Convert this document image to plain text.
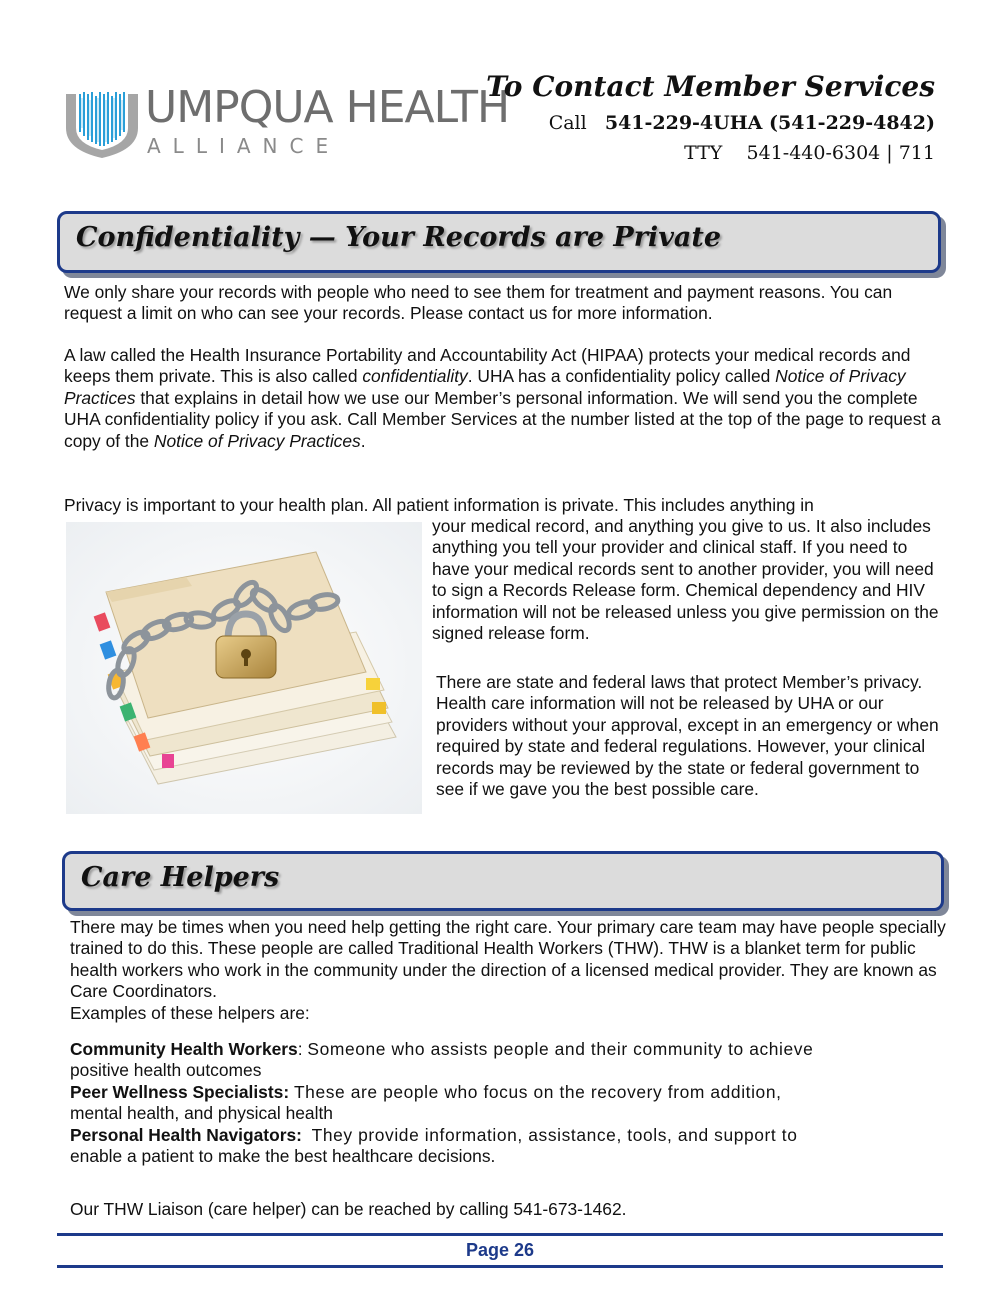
UMPQUA HEALTH
ALLIANCE
To Contact Member Services
Call 541-229-4UHA (541-229-4842)
TTY 541-440-6304 | 711
Confidentiality — Your Records are Private
We only share your records with people who need to see them for treatment and payment reasons. You can request a limit on who can see your records. Please contact us for more information.
A law called the Health Insurance Portability and Accountability Act (HIPAA) protects your medical records and keeps them private. This is also called confidentiality. UHA has a confidentiality policy called Notice of Privacy Practices that explains in detail how we use our Member’s personal information. We will send you the complete UHA confidentiality policy if you ask. Call Member Services at the number listed at the top of the page to request a copy of the Notice of Privacy Practices.
Privacy is important to your health plan. All patient information is private. This includes anything in
your medical record, and anything you give to us. It also includes anything you tell your provider and clinical staff. If you need to have your medical records sent to another provider, you will need to sign a Records Release form. Chemical dependency and HIV information will not be released unless you give permission on the signed release form.
There are state and federal laws that protect Member’s privacy. Health care information will not be released by UHA or our providers without your approval, except in an emergency or when required by state and federal regulations. However, your clinical records may be reviewed by the state or federal government to see if we gave you the best possible care.
Care Helpers
There may be times when you need help getting the right care. Your primary care team may have people specially trained to do this. These people are called Traditional Health Workers (THW). THW is a blanket term for public health workers who work in the community under the direction of a licensed medical provider. They are known as Care Coordinators.
Examples of these helpers are:
Community Health Workers: Someone who assists people and their community to achieve
positive health outcomes
Peer Wellness Specialists: These are people who focus on the recovery from addition,
mental health, and physical health
Personal Health Navigators: They provide information, assistance, tools, and support to
enable a patient to make the best healthcare decisions.
Our THW Liaison (care helper) can be reached by calling 541-673-1462.
Page 26
